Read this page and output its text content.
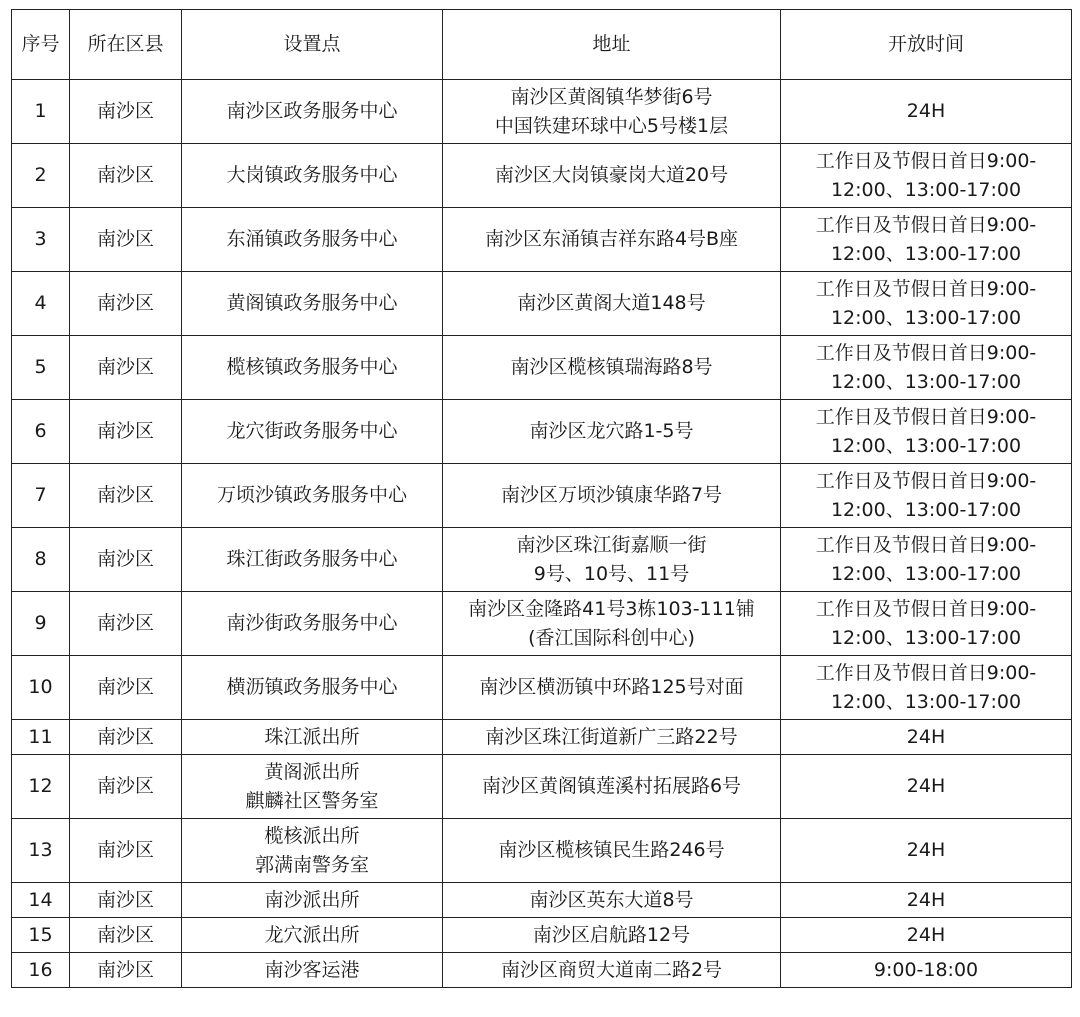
序号	所在区县	设置点	地址	开放时间
1	南沙区	南沙区政务服务中心	南沙区黄阁镇华梦街6号
中国铁建环球中心5号楼1层	24H

2	南沙区	大岗镇政务服务中心	南沙区大岗镇豪岗大道20号	工作日及节假日首日9:00-
12:00、13:00-17:00

3	南沙区	东涌镇政务服务中心	南沙区东涌镇吉祥东路4号B座	工作日及节假日首日9:00-
12:00、13:00-17:00

4	南沙区	黄阁镇政务服务中心	南沙区黄阁大道148号	工作日及节假日首日9:00-
12:00、13:00-17:00

5	南沙区	榄核镇政务服务中心	南沙区榄核镇瑞海路8号	工作日及节假日首日9:00-
12:00、13:00-17:00

6	南沙区	龙穴街政务服务中心	南沙区龙穴路1-5号	工作日及节假日首日9:00-
12:00、13:00-17:00

7	南沙区	万顷沙镇政务服务中心	南沙区万顷沙镇康华路7号	工作日及节假日首日9:00-
12:00、13:00-17:00

8	南沙区	珠江街政务服务中心	南沙区珠江街嘉顺一街
9号、10号、11号	工作日及节假日首日9:00-
12:00、13:00-17:00

9	南沙区	南沙街政务服务中心	南沙区金隆路41号3栋103-111铺
(香江国际科创中心)	工作日及节假日首日9:00-
12:00、13:00-17:00

10	南沙区	横沥镇政务服务中心	南沙区横沥镇中环路125号对面	工作日及节假日首日9:00-
12:00、13:00-17:00

11	南沙区	珠江派出所	南沙区珠江街道新广三路22号	24H

12	南沙区	黄阁派出所
麒麟社区警务室	南沙区黄阁镇莲溪村拓展路6号	24H

13	南沙区	榄核派出所
郭满南警务室	南沙区榄核镇民生路246号	24H

14	南沙区	南沙派出所	南沙区英东大道8号	24H

15	南沙区	龙穴派出所	南沙区启航路12号	24H

16	南沙区	南沙客运港	南沙区商贸大道南二路2号	9:00-18:00
